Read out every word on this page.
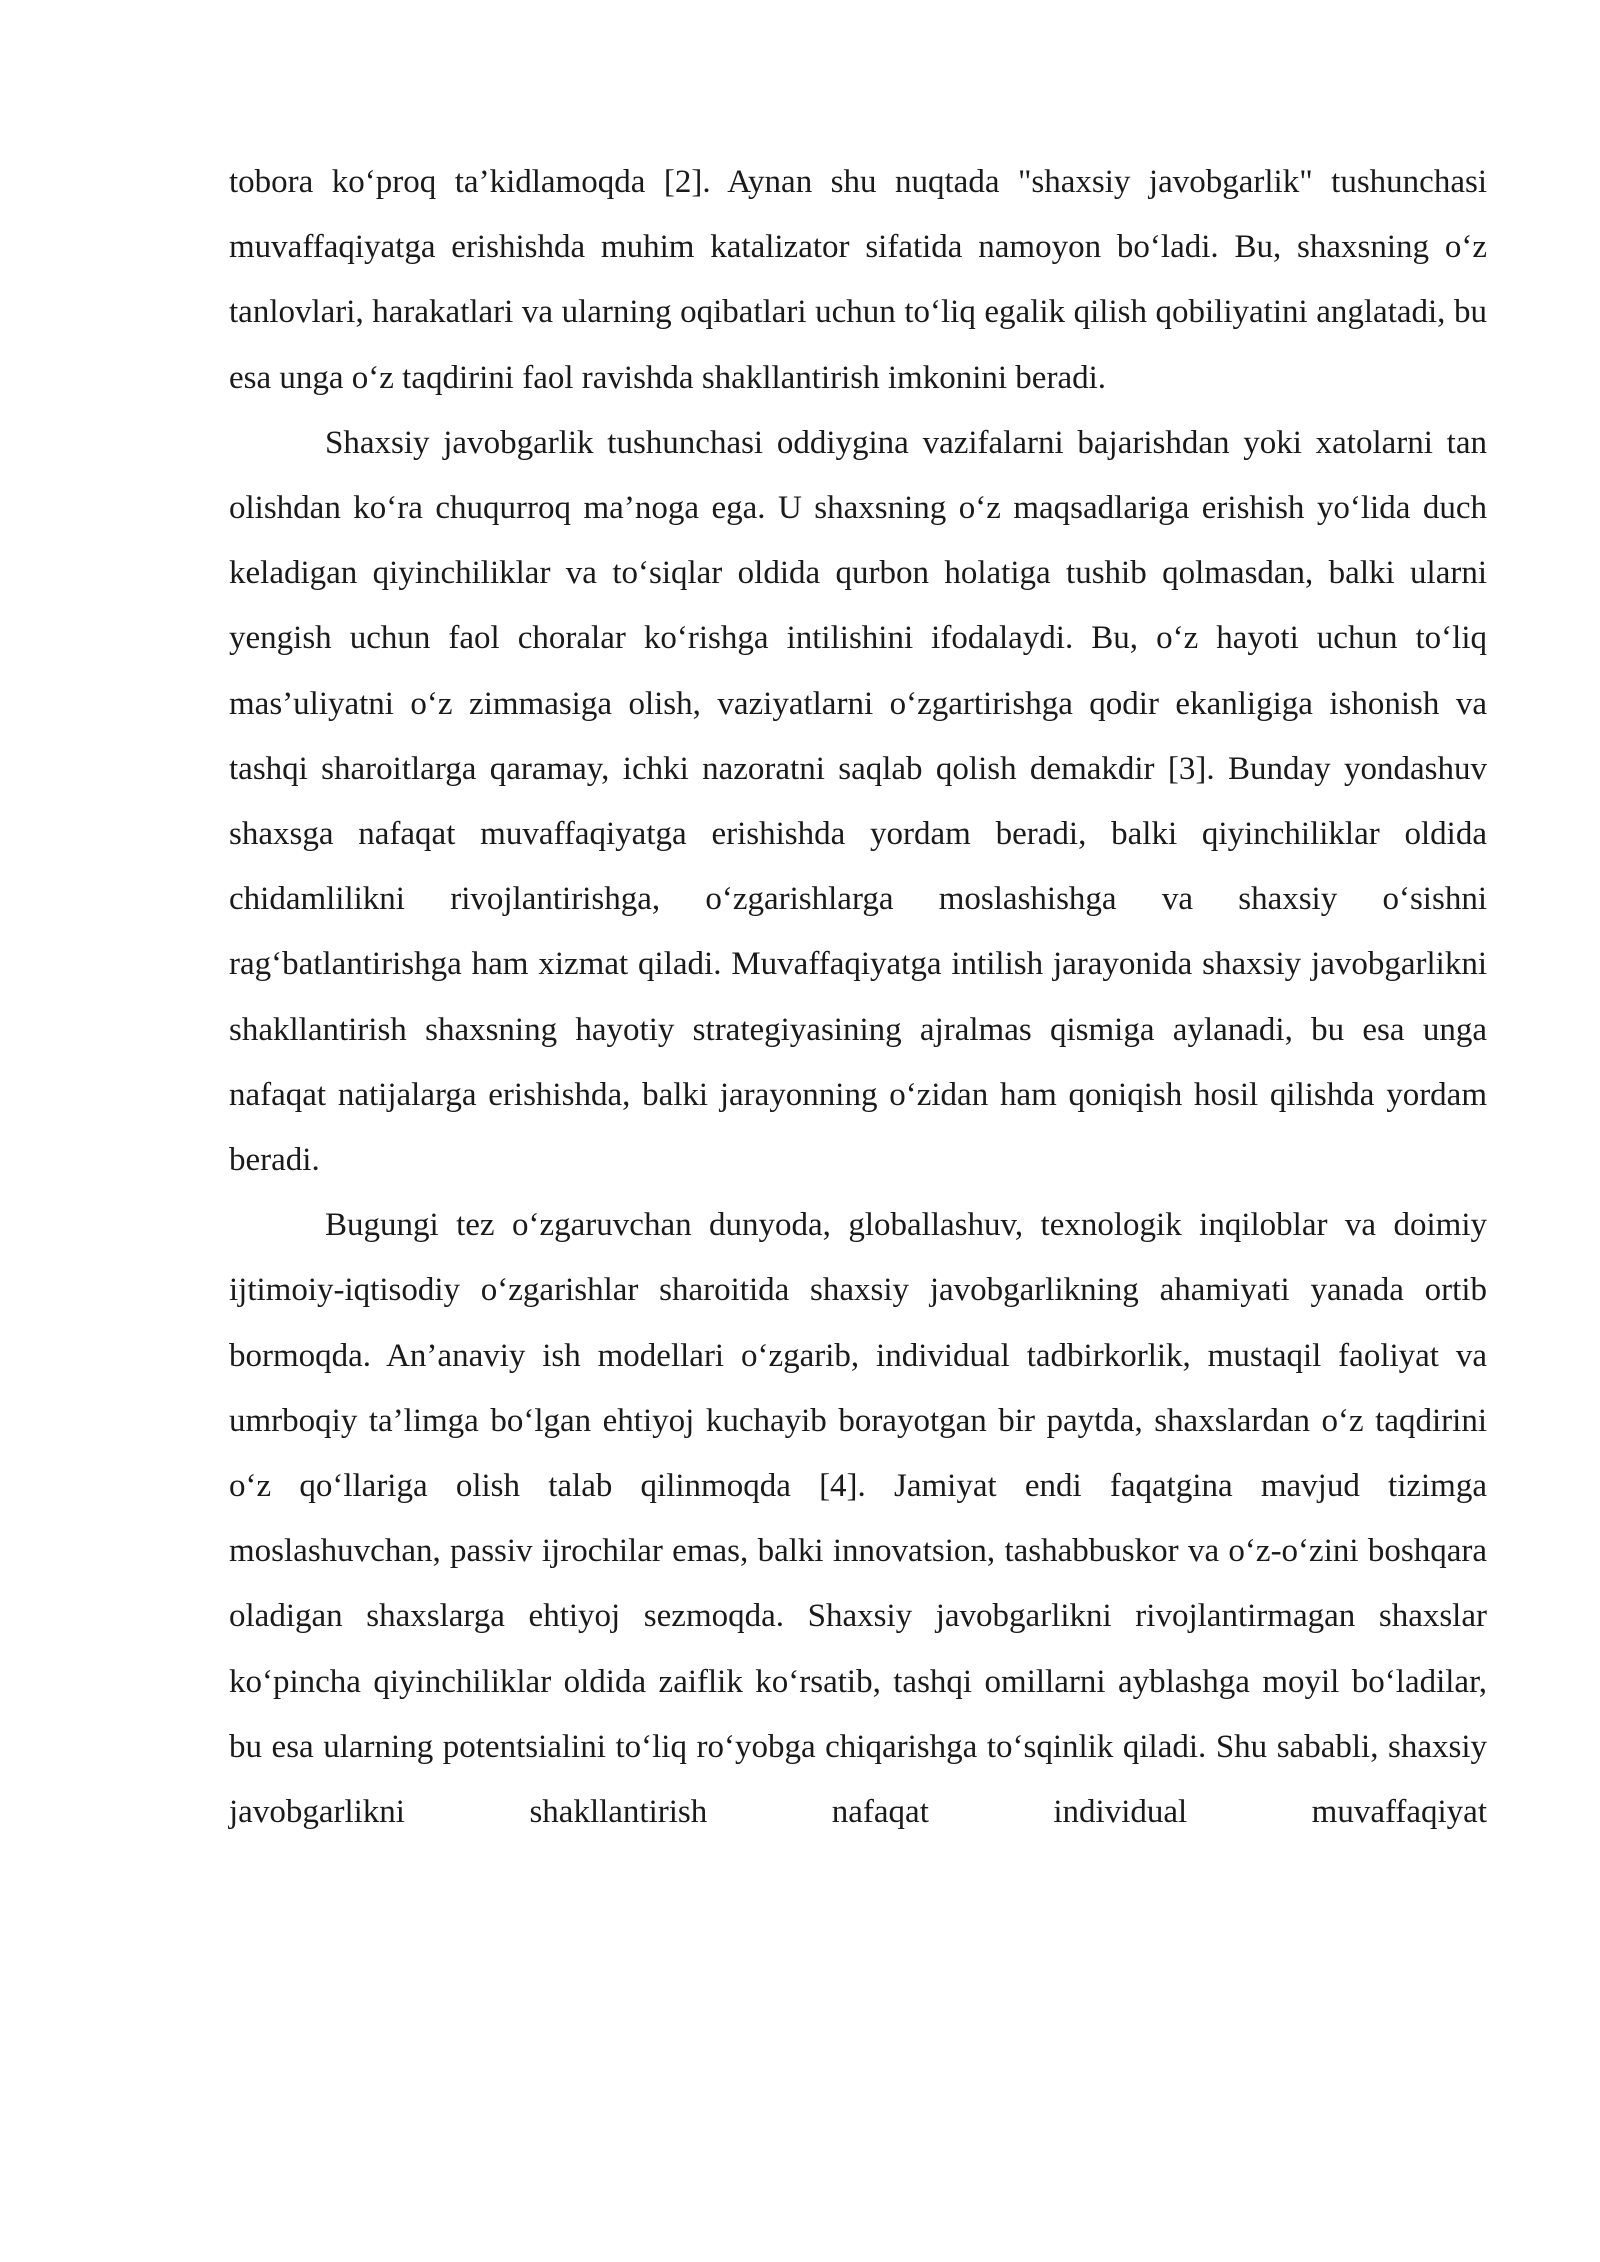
tobora ko‘proq ta’kidlamoqda [2]. Aynan shu nuqtada "shaxsiy javobgarlik" tushunchasi muvaffaqiyatga erishishda muhim katalizator sifatida namoyon bo‘ladi. Bu, shaxsning o‘z tanlovlari, harakatlari va ularning oqibatlari uchun to‘liq egalik qilish qobiliyatini anglatadi, bu esa unga o‘z taqdirini faol ravishda shakllantirish imkonini beradi.

Shaxsiy javobgarlik tushunchasi oddiygina vazifalarni bajarishdan yoki xatolarni tan olishdan ko‘ra chuqurroq ma’noga ega. U shaxsning o‘z maqsadlariga erishish yo‘lida duch keladigan qiyinchiliklar va to‘siqlar oldida qurbon holatiga tushib qolmasdan, balki ularni yengish uchun faol choralar ko‘rishga intilishini ifodalaydi. Bu, o‘z hayoti uchun to‘liq mas’uliyatni o‘z zimmasiga olish, vaziyatlarni o‘zgartirishga qodir ekanligiga ishonish va tashqi sharoitlarga qaramay, ichki nazoratni saqlab qolish demakdir [3]. Bunday yondashuv shaxsga nafaqat muvaffaqiyatga erishishda yordam beradi, balki qiyinchiliklar oldida chidamlilikni rivojlantirishga, o‘zgarishlarga moslashishga va shaxsiy o‘sishni rag‘batlantirishga ham xizmat qiladi. Muvaffaqiyatga intilish jarayonida shaxsiy javobgarlikni shakllantirish shaxsning hayotiy strategiyasining ajralmas qismiga aylanadi, bu esa unga nafaqat natijalarga erishishda, balki jarayonning o‘zidan ham qoniqish hosil qilishda yordam beradi.

Bugungi tez o‘zgaruvchan dunyoda, globallashuv, texnologik inqiloblar va doimiy ijtimoiy-iqtisodiy o‘zgarishlar sharoitida shaxsiy javobgarlikning ahamiyati yanada ortib bormoqda. An’anaviy ish modellari o‘zgarib, individual tadbirkorlik, mustaqil faoliyat va umrboqiy ta’limga bo‘lgan ehtiyoj kuchayib borayotgan bir paytda, shaxslardan o‘z taqdirini o‘z qo‘llariga olish talab qilinmoqda [4]. Jamiyat endi faqatgina mavjud tizimga moslashuvchan, passiv ijrochilar emas, balki innovatsion, tashabbuskor va o‘z-o‘zini boshqara oladigan shaxslarga ehtiyoj sezmoqda. Shaxsiy javobgarlikni rivojlantirmagan shaxslar ko‘pincha qiyinchiliklar oldida zaiflik ko‘rsatib, tashqi omillarni ayblashga moyil bo‘ladilar, bu esa ularning potentsialini to‘liq ro‘yobga chiqarishga to‘sqinlik qiladi. Shu sababli, shaxsiy javobgarlikni shakllantirish nafaqat individual muvaffaqiyat
